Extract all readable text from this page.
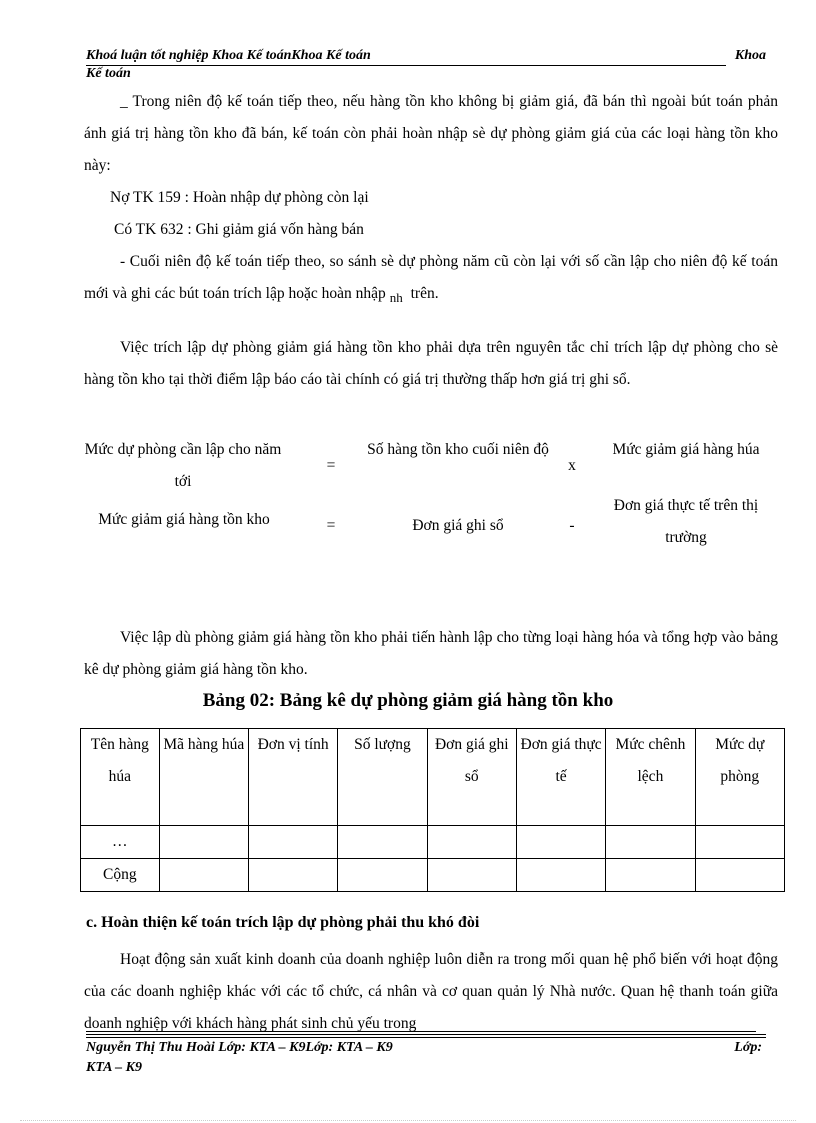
Khoá luận tốt nghiệp Khoa Kế toánKhoa Kế toán	Khoa
Kế toán

_ Trong niên độ kế toán tiếp theo, nếu hàng tồn kho không bị giảm giá, đã bán thì ngoài bút toán phản ánh giá trị hàng tồn kho đã bán, kế toán còn phải hoàn nhập sè dự phòng giảm giá của các loại hàng tồn kho này:

Nợ TK 159 : Hoàn nhập dự phòng còn lại

Có TK 632 : Ghi giảm giá vốn hàng bán

- Cuối niên độ kế toán tiếp theo, so sánh sè dự phòng năm cũ còn lại với số cần lập cho niên độ kế toán mới và ghi các bút toán trích lập hoặc hoàn nhập $_{nh}$ trên.

Việc trích lập dự phòng giảm giá hàng tồn kho phải dựa trên nguyên tắc chỉ trích lập dự phòng cho sè hàng tồn kho tại thời điểm lập báo cáo tài chính có giá trị thường thấp hơn giá trị ghi sổ.

Mức dự phòng cần lập cho năm tới
=
Số hàng tồn kho cuối niên độ
x
Mức giảm giá hàng húa
Mức giảm giá hàng tồn kho	=	Đơn giá ghi sổ	-
Đơn giá thực tế trên thị trường

Việc lập dù phòng giảm giá hàng tồn kho phải tiến hành lập cho từng loại hàng hóa và tổng hợp vào bảng kê dự phòng giảm giá hàng tồn kho.

Bảng 02: Bảng kê dự phòng giảm giá hàng tồn kho
Tên hàng húa	Mã hàng húa	Đơn vị tính	Số lượng	Đơn giá ghi sổ	Đơn giá thực tế	Mức chênh lệch	Mức dự phòng
…							
Cộng							
c. Hoàn thiện kế toán trích lập dự phòng phải thu khó đòi

Hoạt động sản xuất kinh doanh của doanh nghiệp luôn diễn ra trong mối quan hệ phổ biến với hoạt động của các doanh nghiệp khác với các tổ chức, cá nhân và cơ quan quản lý Nhà nước. Quan hệ thanh toán giữa doanh nghiệp với khách hàng phát sinh chủ yếu trong

Nguyễn Thị Thu Hoài Lớp: KTA – K9Lớp: KTA – K9	Lớp:
KTA – K9
